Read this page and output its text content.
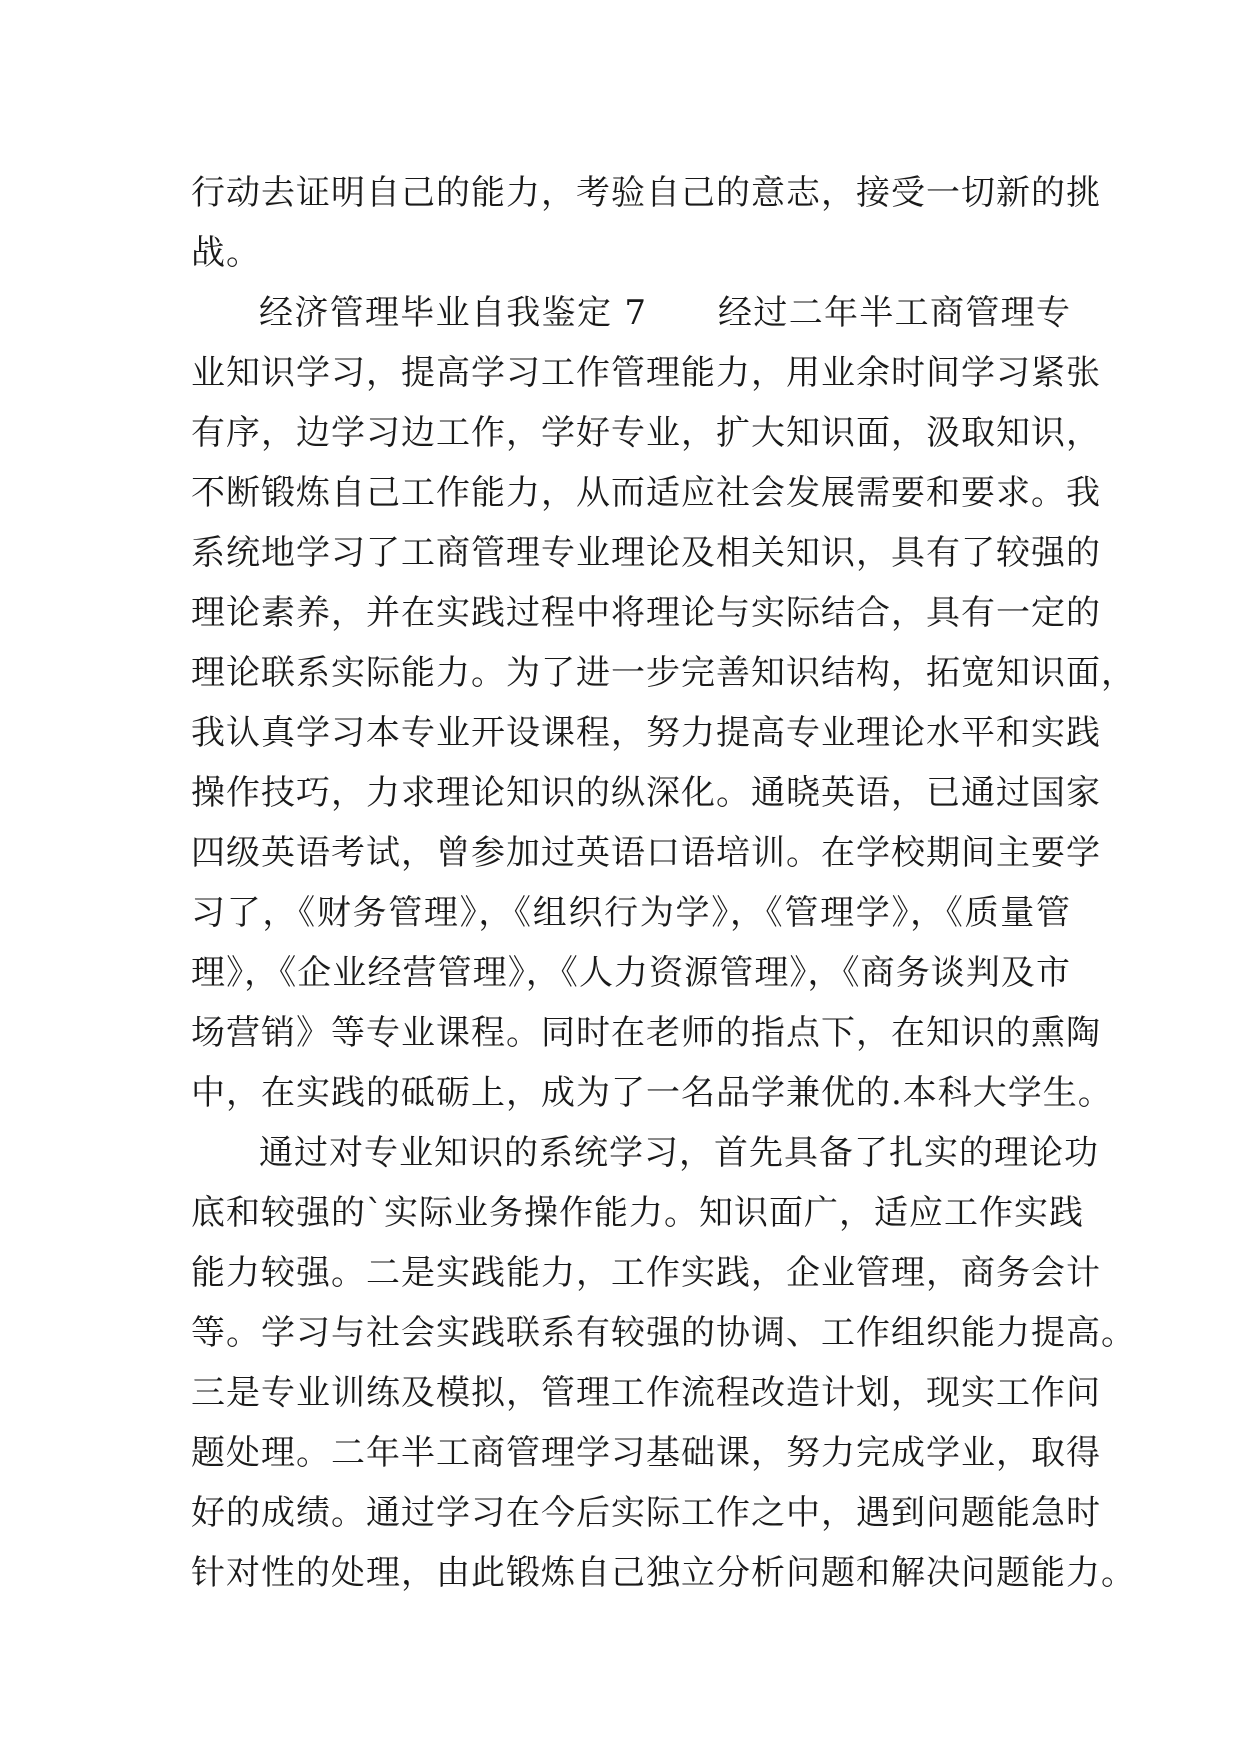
行动去证明自己的能力，考验自己的意志，接受一切新的挑
战。
经济管理毕业自我鉴定 7　　经过二年半工商管理专
业知识学习，提高学习工作管理能力，用业余时间学习紧张
有序，边学习边工作，学好专业，扩大知识面，汲取知识，
不断锻炼自己工作能力，从而适应社会发展需要和要求。我
系统地学习了工商管理专业理论及相关知识，具有了较强的
理论素养，并在实践过程中将理论与实际结合，具有一定的
理论联系实际能力。为了进一步完善知识结构，拓宽知识面，
我认真学习本专业开设课程，努力提高专业理论水平和实践
操作技巧，力求理论知识的纵深化。通晓英语，已通过国家
四级英语考试，曾参加过英语口语培训。在学校期间主要学
习了，《财务管理》，《组织行为学》，《管理学》，《质量管
理》，《企业经营管理》，《人力资源管理》，《商务谈判及市
场营销》等专业课程。同时在老师的指点下，在知识的熏陶
中，在实践的砥砺上，成为了一名品学兼优的.本科大学生。
通过对专业知识的系统学习，首先具备了扎实的理论功
底和较强的`实际业务操作能力。知识面广，适应工作实践
能力较强。二是实践能力，工作实践，企业管理，商务会计
等。学习与社会实践联系有较强的协调、工作组织能力提高。
三是专业训练及模拟，管理工作流程改造计划，现实工作问
题处理。二年半工商管理学习基础课，努力完成学业，取得
好的成绩。通过学习在今后实际工作之中，遇到问题能急时
针对性的处理，由此锻炼自己独立分析问题和解决问题能力。
